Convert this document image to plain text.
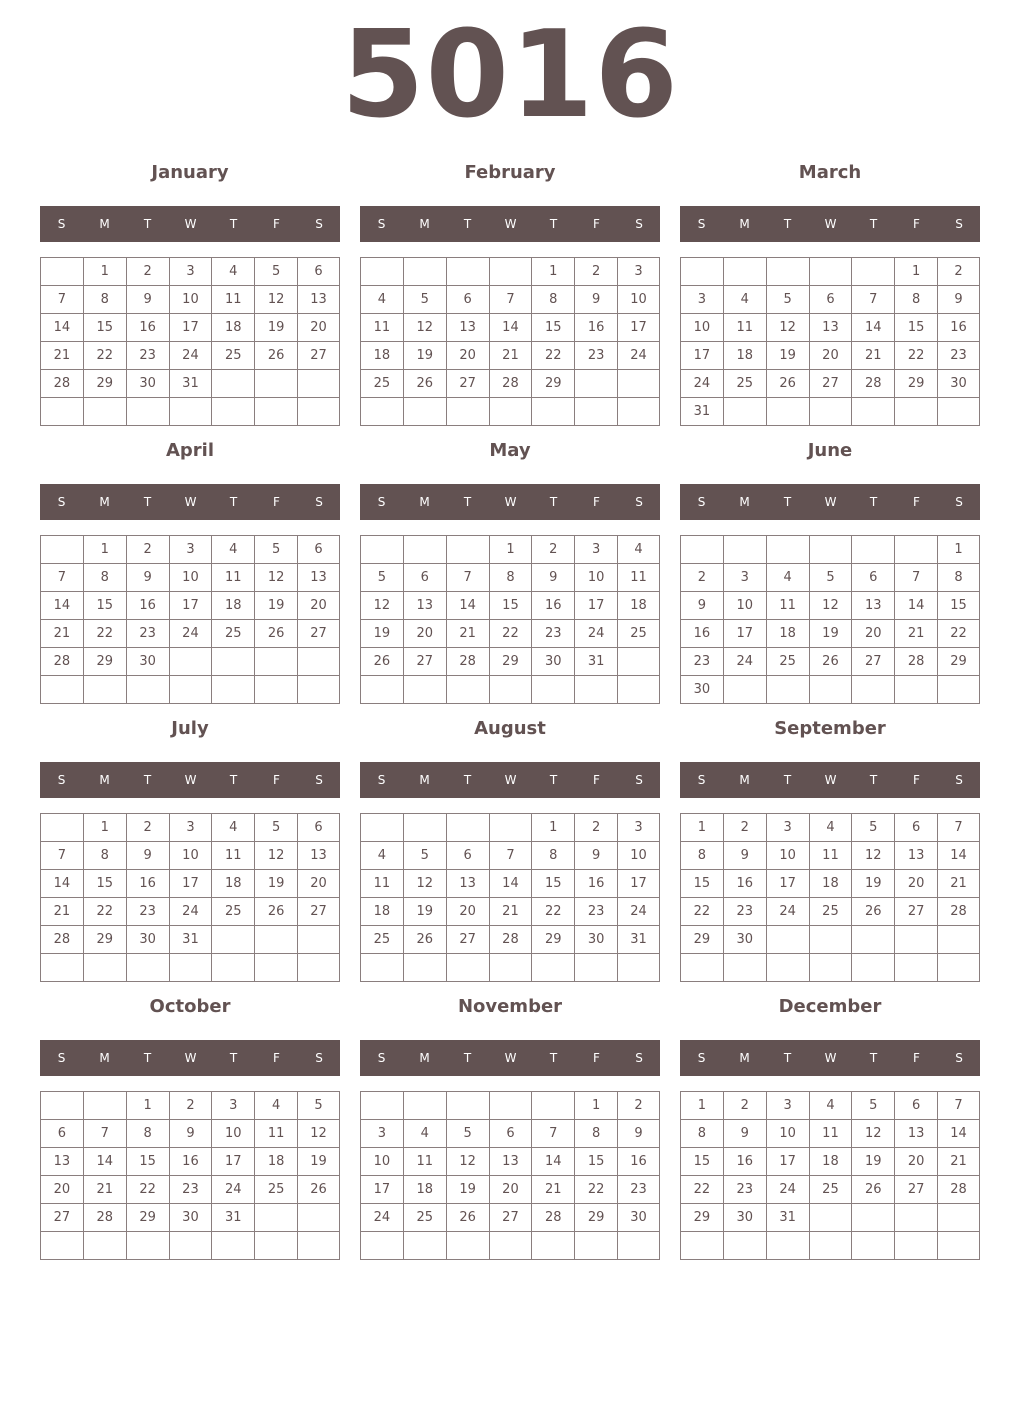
5016
January
S	M	T	W	T	F	S
	1	2	3	4	5	6
7	8	9	10	11	12	13
14	15	16	17	18	19	20
21	22	23	24	25	26	27
28	29	30	31			

February
S	M	T	W	T	F	S
				1	2	3
4	5	6	7	8	9	10
11	12	13	14	15	16	17
18	19	20	21	22	23	24
25	26	27	28	29		

March
S	M	T	W	T	F	S
					1	2
3	4	5	6	7	8	9
10	11	12	13	14	15	16
17	18	19	20	21	22	23
24	25	26	27	28	29	30
31						
April
S	M	T	W	T	F	S
	1	2	3	4	5	6
7	8	9	10	11	12	13
14	15	16	17	18	19	20
21	22	23	24	25	26	27
28	29	30				

May
S	M	T	W	T	F	S
			1	2	3	4
5	6	7	8	9	10	11
12	13	14	15	16	17	18
19	20	21	22	23	24	25
26	27	28	29	30	31	

June
S	M	T	W	T	F	S
						1
2	3	4	5	6	7	8
9	10	11	12	13	14	15
16	17	18	19	20	21	22
23	24	25	26	27	28	29
30						
July
S	M	T	W	T	F	S
	1	2	3	4	5	6
7	8	9	10	11	12	13
14	15	16	17	18	19	20
21	22	23	24	25	26	27
28	29	30	31			

August
S	M	T	W	T	F	S
				1	2	3
4	5	6	7	8	9	10
11	12	13	14	15	16	17
18	19	20	21	22	23	24
25	26	27	28	29	30	31

September
S	M	T	W	T	F	S
1	2	3	4	5	6	7
8	9	10	11	12	13	14
15	16	17	18	19	20	21
22	23	24	25	26	27	28
29	30					

October
S	M	T	W	T	F	S
		1	2	3	4	5
6	7	8	9	10	11	12
13	14	15	16	17	18	19
20	21	22	23	24	25	26
27	28	29	30	31		

November
S	M	T	W	T	F	S
					1	2
3	4	5	6	7	8	9
10	11	12	13	14	15	16
17	18	19	20	21	22	23
24	25	26	27	28	29	30

December
S	M	T	W	T	F	S
1	2	3	4	5	6	7
8	9	10	11	12	13	14
15	16	17	18	19	20	21
22	23	24	25	26	27	28
29	30	31				
